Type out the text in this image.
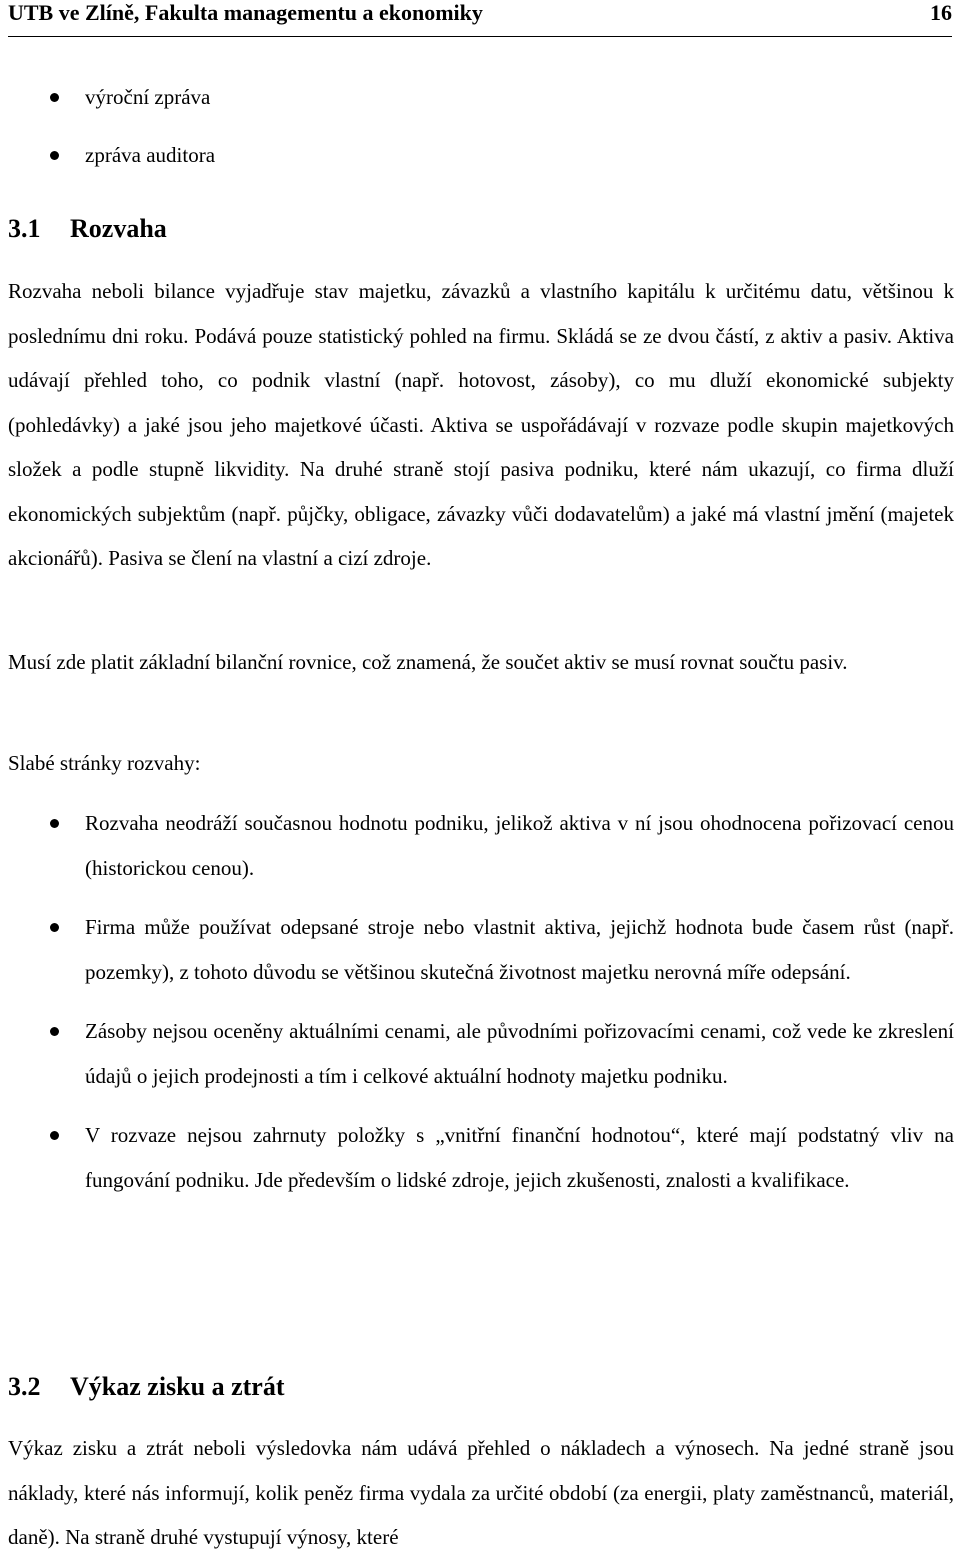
UTB ve Zlíně, Fakulta managementu a ekonomiky	16
výroční zpráva
zpráva auditora
3.1 Rozvaha

Rozvaha neboli bilance vyjadřuje stav majetku, závazků a vlastního kapitálu k určitému datu, většinou k poslednímu dni roku. Podává pouze statistický pohled na firmu. Skládá se ze dvou částí, z aktiv a pasiv. Aktiva udávají přehled toho, co podnik vlastní (např. hotovost, zásoby), co mu dluží ekonomické subjekty (pohledávky) a jaké jsou jeho majetkové účasti. Aktiva se uspořádávají v rozvaze podle skupin majetkových složek a podle stupně likvidity. Na druhé straně stojí pasiva podniku, které nám ukazují, co firma dluží ekonomických subjektům (např. půjčky, obligace, závazky vůči dodavatelům) a jaké má vlastní jmění (majetek akcionářů). Pasiva se člení na vlastní a cizí zdroje.

Musí zde platit základní bilanční rovnice, což znamená, že součet aktiv se musí rovnat součtu pasiv.

Slabé stránky rozvahy:

Rozvaha neodráží současnou hodnotu podniku, jelikož aktiva v ní jsou ohodnocena pořizovací cenou (historickou cenou).
Firma může používat odepsané stroje nebo vlastnit aktiva, jejichž hodnota bude časem růst (např. pozemky), z tohoto důvodu se většinou skutečná životnost majetku nerovná míře odepsání.
Zásoby nejsou oceněny aktuálními cenami, ale původními pořizovacími cenami, což vede ke zkreslení údajů o jejich prodejnosti a tím i celkové aktuální hodnoty majetku podniku.
V rozvaze nejsou zahrnuty položky s „vnitřní finanční hodnotou“, které mají podstatný vliv na fungování podniku. Jde především o lidské zdroje, jejich zkušenosti, znalosti a kvalifikace.
3.2 Výkaz zisku a ztrát

Výkaz zisku a ztrát neboli výsledovka nám udává přehled o nákladech a výnosech. Na jedné straně jsou náklady, které nás informují, kolik peněz firma vydala za určité období (za energii, platy zaměstnanců, materiál, daně). Na straně druhé vystupují výnosy, které
